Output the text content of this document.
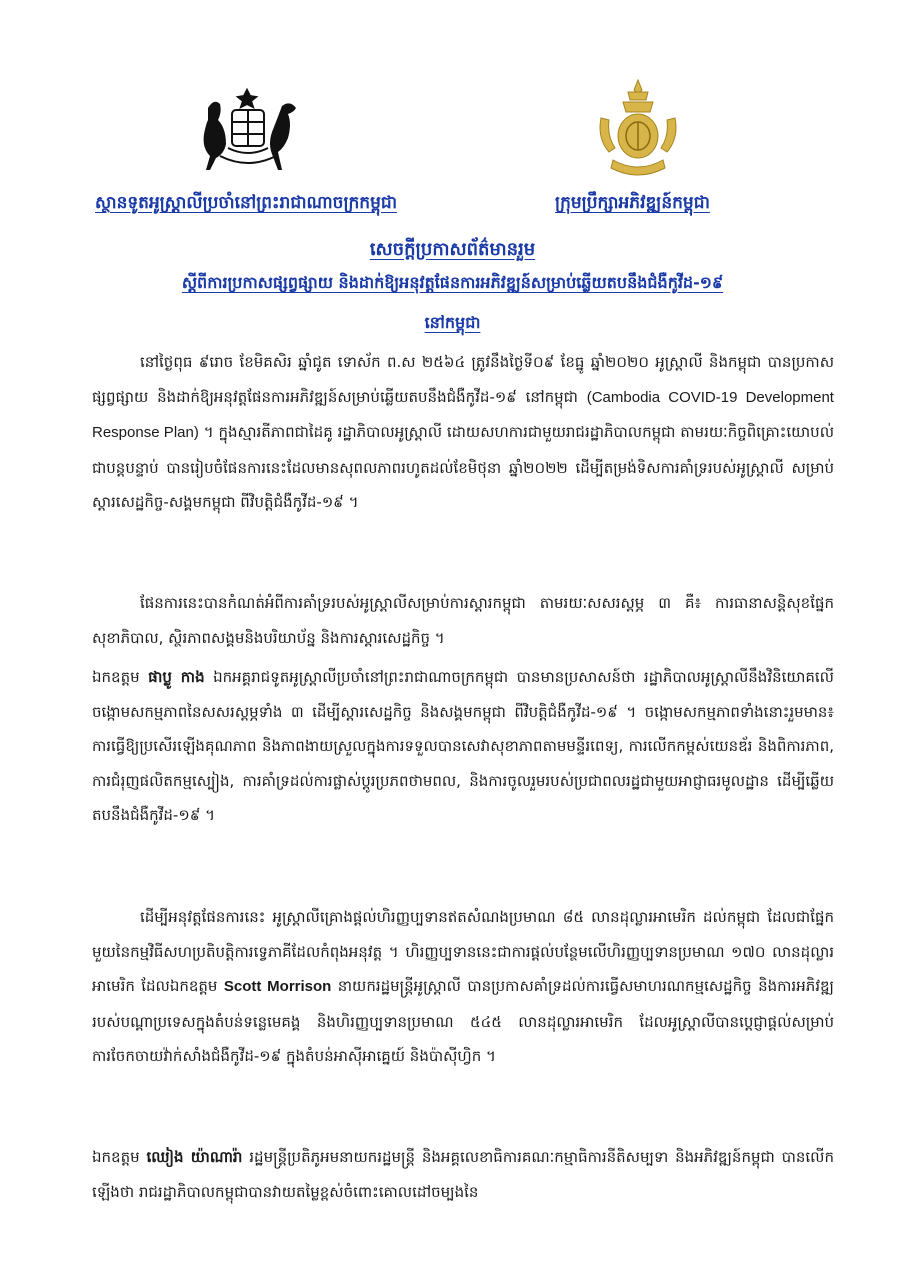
ស្ថានទូតអូស្ត្រាលីប្រចាំនៅព្រះរាជាណាចក្រកម្ពុជា	ក្រុមប្រឹក្សាអភិវឌ្ឍន៍កម្ពុជា
សេចក្តីប្រកាសព័ត៌មានរួម
ស្តីពីការប្រកាសផ្សព្វផ្សាយ និងដាក់ឱ្យអនុវត្តផែនការអភិវឌ្ឍន៍សម្រាប់ឆ្លើយតបនឹងជំងឺកូវីដ-១៩
នៅកម្ពុជា

នៅថ្ងៃពុធ ៩រោច ខែមិគសិរ ឆ្នាំជូត ទោស័ក ព.ស ២៥៦៤ ត្រូវនឹងថ្ងៃទី០៩ ខែធ្នូ ឆ្នាំ២០២០ អូស្ត្រាលី និងកម្ពុជា បានប្រកាសផ្សព្វផ្សាយ និងដាក់ឱ្យអនុវត្តផែនការអភិវឌ្ឍន៍សម្រាប់ឆ្លើយតបនឹងជំងឺកូវីដ-១៩ នៅកម្ពុជា (Cambodia COVID-19 Development Response Plan) ។ ក្នុងស្មារតីភាពជាដៃគូ រដ្ឋាភិបាលអូស្ត្រាលី ដោយសហការជាមួយរាជរដ្ឋាភិបាលកម្ពុជា តាមរយៈកិច្ចពិគ្រោះយោបល់ជាបន្តបន្ទាប់ បានរៀបចំផែនការនេះដែលមានសុពលភាពរហូតដល់ខែមិថុនា ឆ្នាំ២០២២ ដើម្បីតម្រង់ទិសការគាំទ្ររបស់អូស្ត្រាលី សម្រាប់ស្តារសេដ្ឋកិច្ច-សង្គមកម្ពុជា ពីវិបត្តិជំងឺកូវីដ-១៩ ។

ផែនការនេះបានកំណត់អំពីការគាំទ្ររបស់អូស្ត្រាលីសម្រាប់ការស្តារកម្ពុជា តាមរយៈសសរស្តម្ភ ៣ គឺ៖ ការធានាសន្តិសុខផ្នែកសុខាភិបាល, ស្ថិរភាពសង្គមនិងបរិយាប័ន្ន និងការស្តារសេដ្ឋកិច្ច ។

ឯកឧត្តម ផាប្លូ កាង ឯកអគ្គរាជទូតអូស្ត្រាលីប្រចាំនៅព្រះរាជាណាចក្រកម្ពុជា បានមានប្រសាសន៍ថា រដ្ឋាភិបាលអូស្ត្រាលីនឹងវិនិយោគលើចង្កោមសកម្មភាពនៃសសរស្តម្ភទាំង ៣ ដើម្បីស្តារសេដ្ឋកិច្ច និងសង្គមកម្ពុជា ពីវិបត្តិជំងឺកូវីដ-១៩ ។ ចង្កោមសកម្មភាពទាំងនោះរួមមាន៖ ការធ្វើឱ្យប្រសើរឡើងគុណភាព និងភាពងាយស្រួលក្នុងការទទួលបានសេវាសុខាភាពតាមមន្ទីរពេទ្យ, ការលើកកម្ពស់យេនឌ័រ និងពិការភាព, ការជំរុញផលិតកម្មស្បៀង, ការគាំទ្រដល់ការផ្លាស់ប្តូរប្រភពថាមពល, និងការចូលរួមរបស់ប្រជាពលរដ្ឋជាមួយអាជ្ញាធរមូលដ្ឋាន ដើម្បីឆ្លើយតបនឹងជំងឺកូវីដ-១៩ ។

ដើម្បីអនុវត្តផែនការនេះ អូស្ត្រាលីគ្រោងផ្តល់ហិរញ្ញប្បទានឥតសំណងប្រមាណ ៨៥ លានដុល្លារអាមេរិក ដល់កម្ពុជា ដែលជាផ្នែកមួយនៃកម្មវិធីសហប្រតិបត្តិការទ្វេភាគីដែលកំពុងអនុវត្ត ។ ហិរញ្ញប្បទាននេះជាការផ្តល់បន្ថែមលើហិរញ្ញប្បទានប្រមាណ ១៧០ លានដុល្លារអាមេរិក ដែលឯកឧត្តម Scott Morrison នាយករដ្ឋមន្ត្រីអូស្ត្រាលី បានប្រកាសគាំទ្រដល់ការធ្វើសមាហរណកម្មសេដ្ឋកិច្ច និងការអភិវឌ្ឍរបស់បណ្តាប្រទេសក្នុងតំបន់ទន្លេមេគង្គ និងហិរញ្ញប្បទានប្រមាណ ៥៤៥ លានដុល្លារអាមេរិក ដែលអូស្ត្រាលីបានប្តេជ្ញាផ្តល់សម្រាប់ការចែកចាយវ៉ាក់សាំងជំងឺកូវីដ-១៩ ក្នុងតំបន់អាស៊ីអាគ្នេយ៍ និងប៉ាស៊ីហ្វិក ។

ឯកឧត្តម ឈៀង យ៉ាណារ៉ា រដ្ឋមន្ត្រីប្រតិភូអមនាយករដ្ឋមន្ត្រី និងអគ្គលេខាធិការគណៈកម្មាធិការនីតិសម្បទា និងអភិវឌ្ឍន៍កម្ពុជា បានលើកឡើងថា រាជរដ្ឋាភិបាលកម្ពុជាបានវាយតម្លៃខ្ពស់ចំពោះគោលដៅចម្បងនៃ
